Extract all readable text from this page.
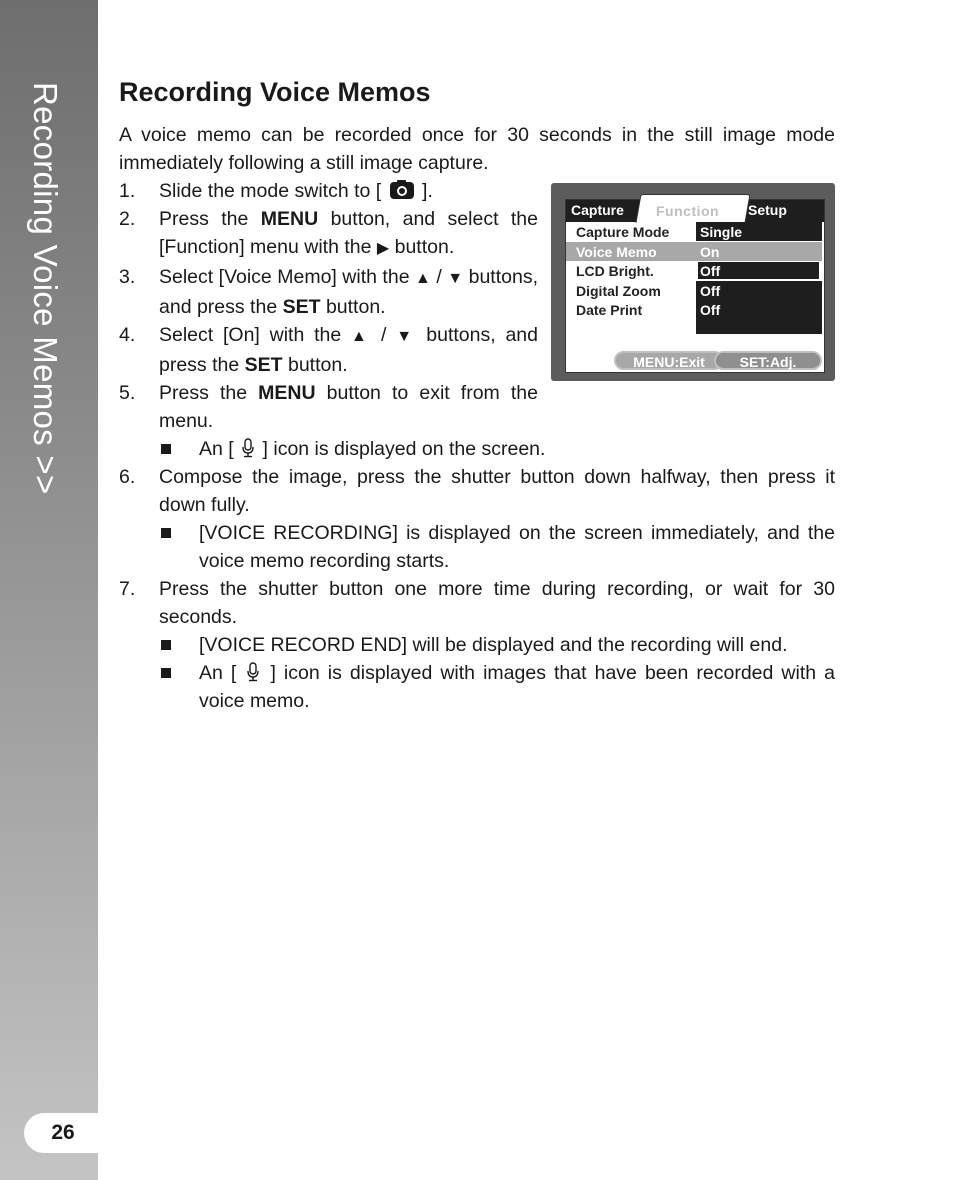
Recording Voice Memos >>
26
Recording Voice Memos

A voice memo can be recorded once for 30 seconds in the still image mode immediately following a still image capture.

1. Slide the mode switch to [  ].
2. Press the MENU button, and select the [Function] menu with the ▶ button.
3. Select [Voice Memo] with the ▲ / ▼ buttons, and press the SET button.
4. Select [On] with the ▲ / ▼ buttons, and press the SET button.
5. Press the MENU button to exit from the menu.
An [  ] icon is displayed on the screen.
6. Compose the image, press the shutter button down halfway, then press it down fully.
[VOICE RECORDING] is displayed on the screen immediately, and the voice memo recording starts.
7. Press the shutter button one more time during recording, or wait for 30 seconds.
[VOICE RECORD END] will be displayed and the recording will end.
An [  ] icon is displayed with images that have been recorded with a voice memo.
Capture Function Setup
Capture Mode Single
Voice Memo	On
LCD Bright.	Off
Digital Zoom	Off
Date Print	Off
MENU:Exit	SET:Adj.
